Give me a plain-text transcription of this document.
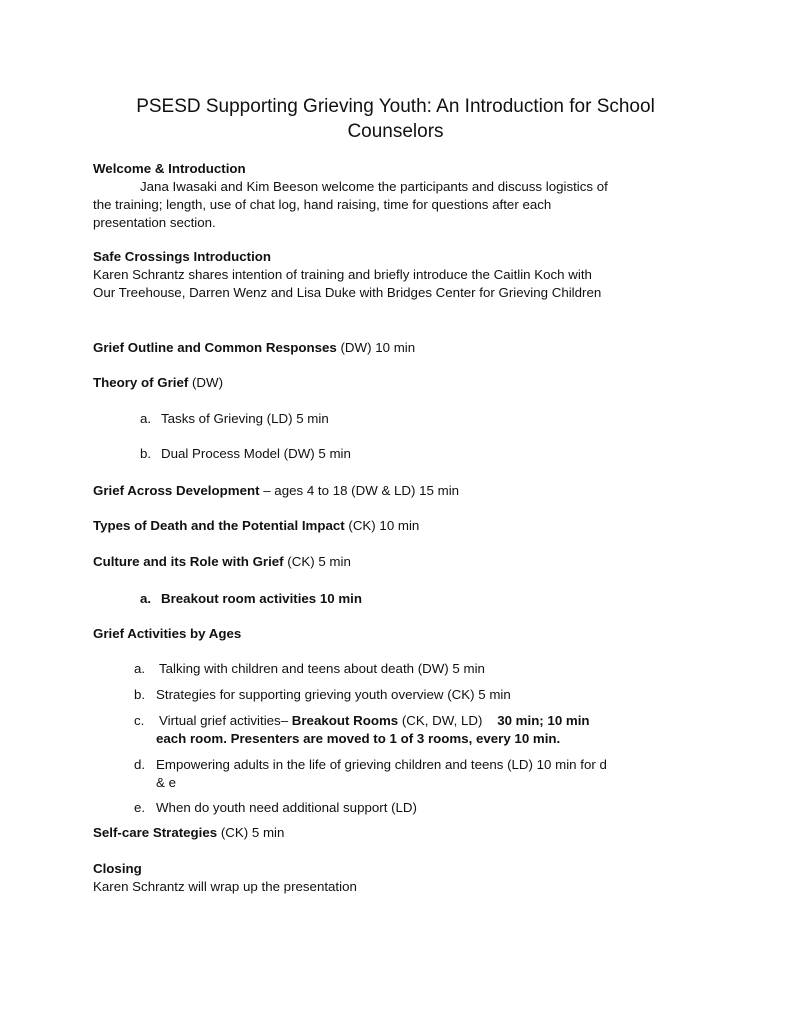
PSESD Supporting Grieving Youth: An Introduction for School
Counselors
Welcome & Introduction
Jana Iwasaki and Kim Beeson welcome the participants and discuss logistics of
the training; length, use of chat log, hand raising, time for questions after each
presentation section.
Safe Crossings Introduction
Karen Schrantz shares intention of training and briefly introduce the Caitlin Koch with
Our Treehouse, Darren Wenz and Lisa Duke with Bridges Center for Grieving Children
Grief Outline and Common Responses (DW) 10 min
Theory of Grief (DW)
a. Tasks of Grieving (LD) 5 min
b. Dual Process Model (DW) 5 min
Grief Across Development – ages 4 to 18 (DW & LD) 15 min
Types of Death and the Potential Impact (CK) 10 min
Culture and its Role with Grief (CK) 5 min
a. Breakout room activities 10 min
Grief Activities by Ages
a. Talking with children and teens about death (DW) 5 min
b. Strategies for supporting grieving youth overview (CK) 5 min
c. Virtual grief activities– Breakout Rooms (CK, DW, LD)    30 min; 10 min
each room. Presenters are moved to 1 of 3 rooms, every 10 min.
d. Empowering adults in the life of grieving children and teens (LD) 10 min for d
& e
e. When do youth need additional support (LD)
Self-care Strategies (CK) 5 min
Closing
Karen Schrantz will wrap up the presentation
